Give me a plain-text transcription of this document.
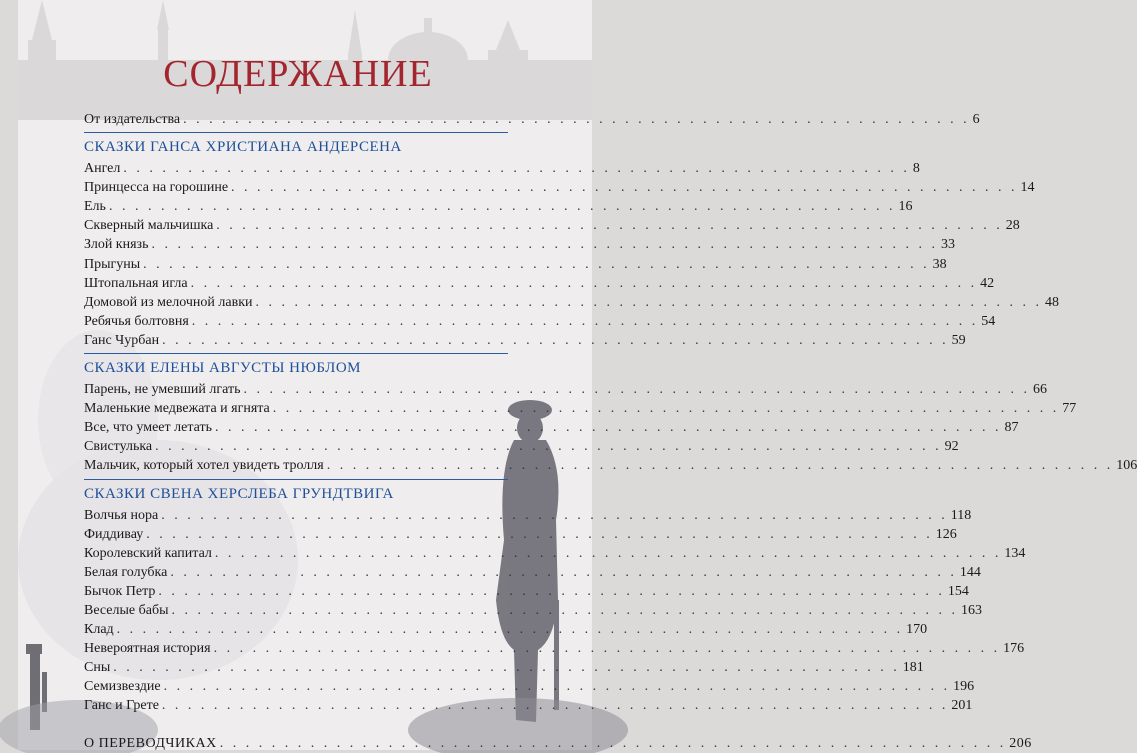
СОДЕРЖАНИЕ
От издательства . . . . . . . . . . . . . . . . . . . . . . . . . . . . . . . . . . . . . . . . . . . . . . . . . . . . . . . . . . . . . 6
СКАЗКИ ГАНСА ХРИСТИАНА АНДЕРСЕНА
Ангел . . . . . . . . . . . . . . . . . . . . . . . . . . . . . . . . . . . . . . . . . . . . . . . . . . . . . . . . . . . . . 8
Принцесса на горошине . . . . . . . . . . . . . . . . . . . . . . . . . . . . . . . . . . . . . . . . . . . . . . . . . . . . . . . . . . . . . 14
Ель . . . . . . . . . . . . . . . . . . . . . . . . . . . . . . . . . . . . . . . . . . . . . . . . . . . . . . . . . . . . . 16
Скверный мальчишка . . . . . . . . . . . . . . . . . . . . . . . . . . . . . . . . . . . . . . . . . . . . . . . . . . . . . . . . . . . . . 28
Злой князь . . . . . . . . . . . . . . . . . . . . . . . . . . . . . . . . . . . . . . . . . . . . . . . . . . . . . . . . . . . . . 33
Прыгуны . . . . . . . . . . . . . . . . . . . . . . . . . . . . . . . . . . . . . . . . . . . . . . . . . . . . . . . . . . . . . 38
Штопальная игла . . . . . . . . . . . . . . . . . . . . . . . . . . . . . . . . . . . . . . . . . . . . . . . . . . . . . . . . . . . . . 42
Домовой из мелочной лавки . . . . . . . . . . . . . . . . . . . . . . . . . . . . . . . . . . . . . . . . . . . . . . . . . . . . . . . . . . . . . 48
Ребячья болтовня . . . . . . . . . . . . . . . . . . . . . . . . . . . . . . . . . . . . . . . . . . . . . . . . . . . . . . . . . . . . . 54
Ганс Чурбан . . . . . . . . . . . . . . . . . . . . . . . . . . . . . . . . . . . . . . . . . . . . . . . . . . . . . . . . . . . . . 59
СКАЗКИ ЕЛЕНЫ АВГУСТЫ НЮБЛОМ
Парень, не умевший лгать . . . . . . . . . . . . . . . . . . . . . . . . . . . . . . . . . . . . . . . . . . . . . . . . . . . . . . . . . . . . . 66
Маленькие медвежата и ягнята . . . . . . . . . . . . . . . . . . . . . . . . . . . . . . . . . . . . . . . . . . . . . . . . . . . . . . . . . . . . . 77
Все, что умеет летать . . . . . . . . . . . . . . . . . . . . . . . . . . . . . . . . . . . . . . . . . . . . . . . . . . . . . . . . . . . . . 87
Свистулька . . . . . . . . . . . . . . . . . . . . . . . . . . . . . . . . . . . . . . . . . . . . . . . . . . . . . . . . . . . . . 92
Мальчик, который хотел увидеть тролля . . . . . . . . . . . . . . . . . . . . . . . . . . . . . . . . . . . . . . . . . . . . . . . . . . . . . . . . . . . . . 106
СКАЗКИ СВЕНА ХЕРСЛЕБА ГРУНДТВИГА
Волчья нора . . . . . . . . . . . . . . . . . . . . . . . . . . . . . . . . . . . . . . . . . . . . . . . . . . . . . . . . . . . . . 118
Фиддивау . . . . . . . . . . . . . . . . . . . . . . . . . . . . . . . . . . . . . . . . . . . . . . . . . . . . . . . . . . . . . 126
Королевский капитал . . . . . . . . . . . . . . . . . . . . . . . . . . . . . . . . . . . . . . . . . . . . . . . . . . . . . . . . . . . . . 134
Белая голубка . . . . . . . . . . . . . . . . . . . . . . . . . . . . . . . . . . . . . . . . . . . . . . . . . . . . . . . . . . . . . 144
Бычок Петр . . . . . . . . . . . . . . . . . . . . . . . . . . . . . . . . . . . . . . . . . . . . . . . . . . . . . . . . . . . . . 154
Веселые бабы . . . . . . . . . . . . . . . . . . . . . . . . . . . . . . . . . . . . . . . . . . . . . . . . . . . . . . . . . . . . . 163
Клад . . . . . . . . . . . . . . . . . . . . . . . . . . . . . . . . . . . . . . . . . . . . . . . . . . . . . . . . . . . . . 170
Невероятная история . . . . . . . . . . . . . . . . . . . . . . . . . . . . . . . . . . . . . . . . . . . . . . . . . . . . . . . . . . . . . 176
Сны . . . . . . . . . . . . . . . . . . . . . . . . . . . . . . . . . . . . . . . . . . . . . . . . . . . . . . . . . . . . . 181
Семизвездие . . . . . . . . . . . . . . . . . . . . . . . . . . . . . . . . . . . . . . . . . . . . . . . . . . . . . . . . . . . . . 196
Ганс и Грете . . . . . . . . . . . . . . . . . . . . . . . . . . . . . . . . . . . . . . . . . . . . . . . . . . . . . . . . . . . . . 201
О ПЕРЕВОДЧИКАХ . . . . . . . . . . . . . . . . . . . . . . . . . . . . . . . . . . . . . . . . . . . . . . . . . . . . . . . . . . . . . 206
